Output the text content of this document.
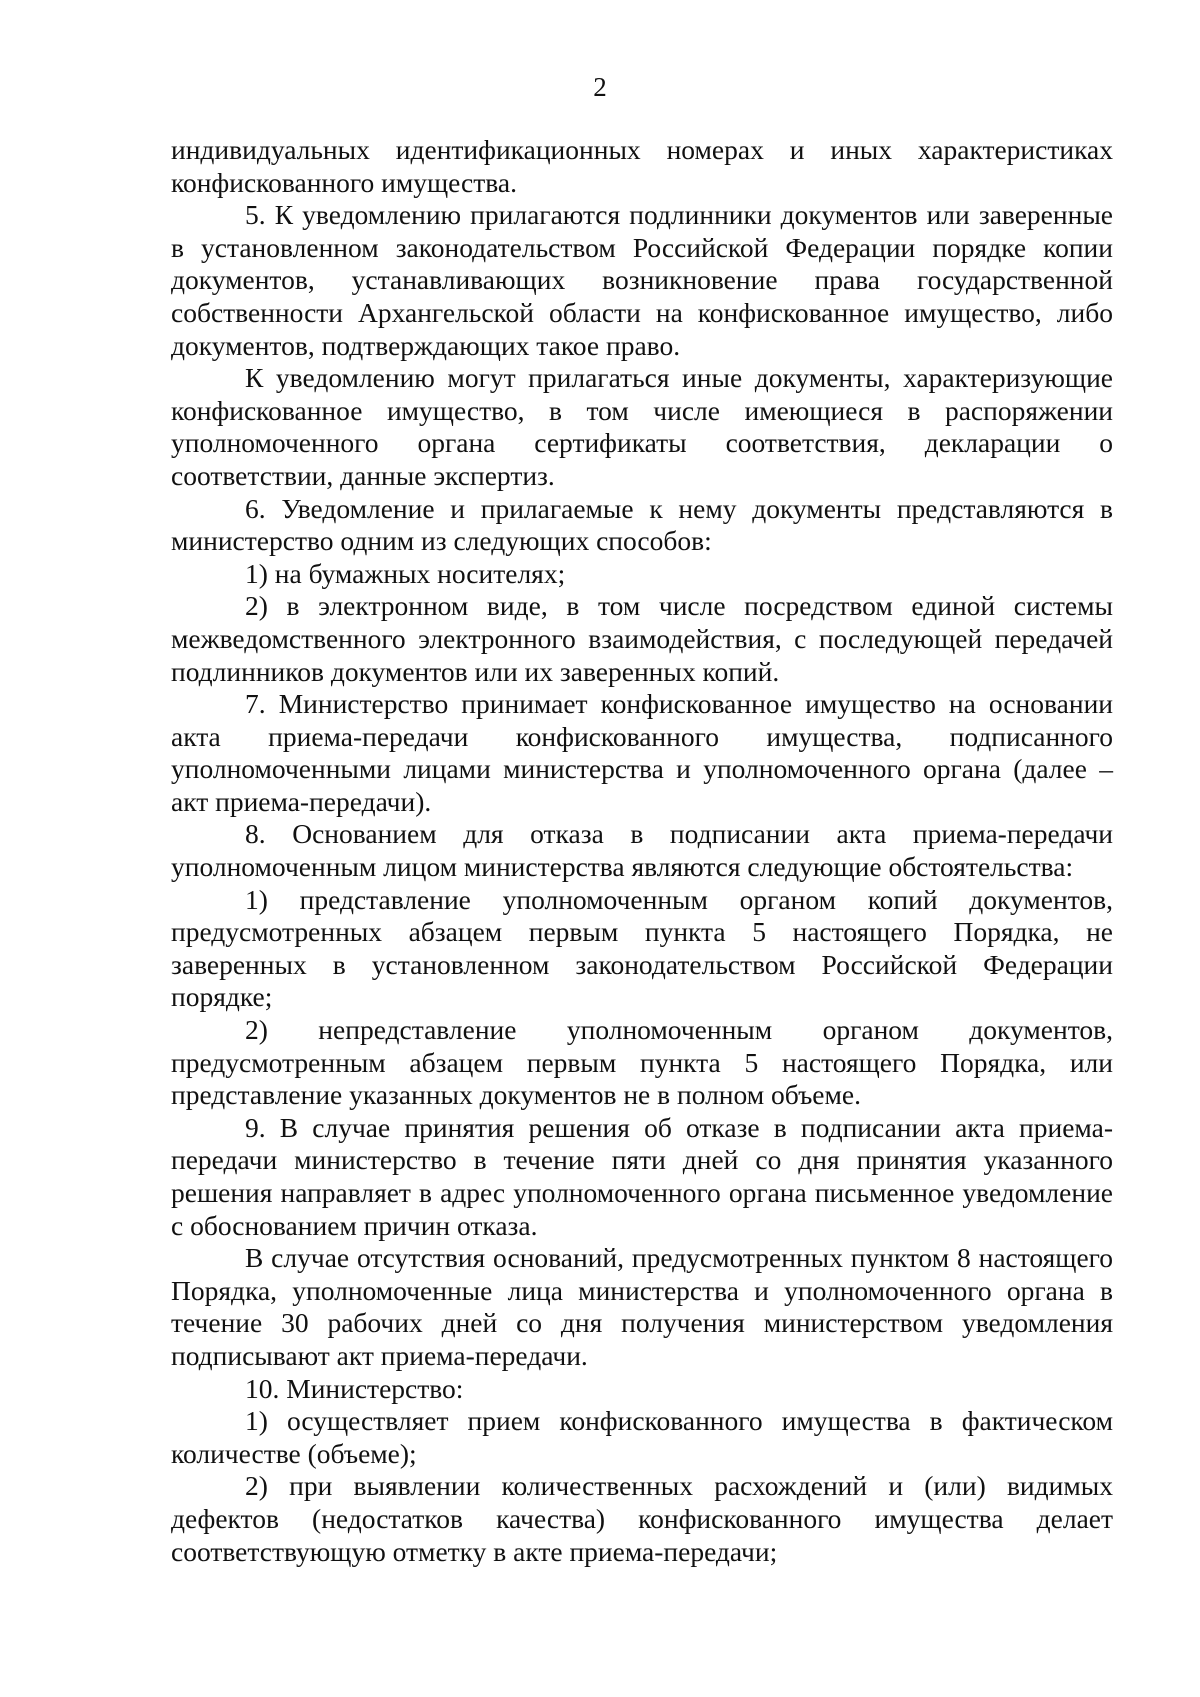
2

индивидуальных идентификационных номерах и иных характеристиках конфискованного имущества.

5. К уведомлению прилагаются подлинники документов или заверенные в установленном законодательством Российской Федерации порядке копии документов, устанавливающих возникновение права государственной собственности Архангельской области на конфискованное имущество, либо документов, подтверждающих такое право.

К уведомлению могут прилагаться иные документы, характеризующие конфискованное имущество, в том числе имеющиеся в распоряжении уполномоченного органа сертификаты соответствия, декларации о соответствии, данные экспертиз.

6. Уведомление и прилагаемые к нему документы представляются в министерство одним из следующих способов:

1) на бумажных носителях;

2) в электронном виде, в том числе посредством единой системы межведомственного электронного взаимодействия, с последующей передачей подлинников документов или их заверенных копий.

7. Министерство принимает конфискованное имущество на основании акта приема-передачи конфискованного имущества, подписанного уполномоченными лицами министерства и уполномоченного органа (далее – акт приема-передачи).

8. Основанием для отказа в подписании акта приема-передачи уполномоченным лицом министерства являются следующие обстоятельства:

1) представление уполномоченным органом копий документов, предусмотренных абзацем первым пункта 5 настоящего Порядка, не заверенных в установленном законодательством Российской Федерации порядке;

2) непредставление уполномоченным органом документов, предусмотренным абзацем первым пункта 5 настоящего Порядка, или представление указанных документов не в полном объеме.

9. В случае принятия решения об отказе в подписании акта приема-передачи министерство в течение пяти дней со дня принятия указанного решения направляет в адрес уполномоченного органа письменное уведомление с обоснованием причин отказа.

В случае отсутствия оснований, предусмотренных пунктом 8 настоящего Порядка, уполномоченные лица министерства и уполномоченного органа в течение 30 рабочих дней со дня получения министерством уведомления подписывают акт приема-передачи.

10. Министерство:

1) осуществляет прием конфискованного имущества в фактическом количестве (объеме);

2) при выявлении количественных расхождений и (или) видимых дефектов (недостатков качества) конфискованного имущества делает соответствующую отметку в акте приема-передачи;
